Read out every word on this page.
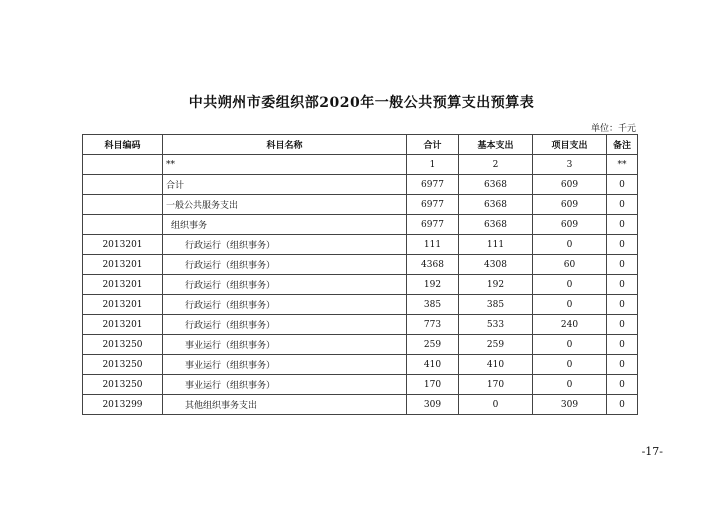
中共朔州市委组织部2020年一般公共预算支出预算表
单位：千元
科目编码	科目名称	合计	基本支出	项目支出	备注
	**	1	2	3	**
	合计	6977	6368	609	0
	一般公共服务支出	6977	6368	609	0
	组织事务	6977	6368	609	0
2013201	行政运行（组织事务）	111	111	0	0
2013201	行政运行（组织事务）	4368	4308	60	0
2013201	行政运行（组织事务）	192	192	0	0
2013201	行政运行（组织事务）	385	385	0	0
2013201	行政运行（组织事务）	773	533	240	0
2013250	事业运行（组织事务）	259	259	0	0
2013250	事业运行（组织事务）	410	410	0	0
2013250	事业运行（组织事务）	170	170	0	0
2013299	其他组织事务支出	309	0	309	0
-17-
